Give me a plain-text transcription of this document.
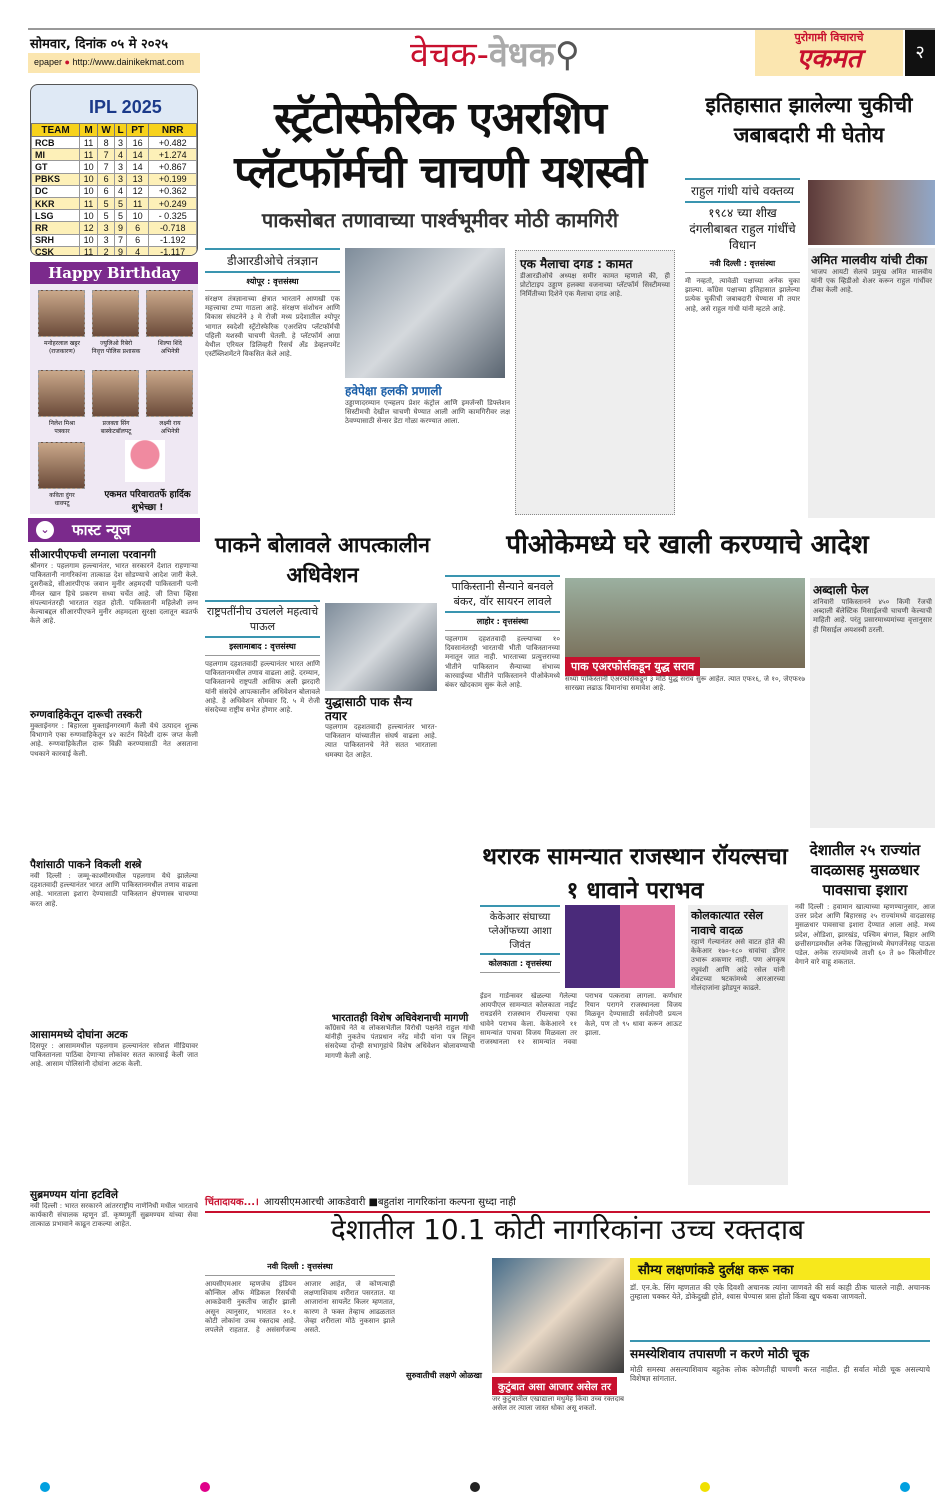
सोमवार, दिनांक ०५ मे २०२५
epaper ● http://www.dainikekmat.com	वेचक-वेधक⚲	पुरोगामी विचाराचे
एकमत	२
IPL 2025
TEAM	M	W	L	PT	NRR
RCB	11	8	3	16	+0.482
MI	11	7	4	14	+1.274
GT	10	7	3	14	+0.867
PBKS	10	6	3	13	+0.199
DC	10	6	4	12	+0.362
KKR	11	5	5	11	+0.249
LSG	10	5	5	10	- 0.325
RR	12	3	9	6	-0.718
SRH	10	3	7	6	-1.192
CSK	11	2	9	4	-1.117
Happy Birthday
मनोहरलाल खट्टर
(राजकारण)
ज्युलिओ रिबेरो
निवृत्त पोलिस प्रशासक
शिल्पा शिंदे
अभिनेत्री
निलेश मिश्रा
पत्रकार
प्रजक्ता सिंग
बास्केटबॉलपटू
लक्ष्मी राय
अभिनेत्री
कविता दुंगर
धावपटू
एकमत परिवारातर्फे हार्दिक शुभेच्छा !
⌄ फास्ट न्यूज
सीआरपीएफची लग्नाला परवानगी
श्रीनगर : पहलगाम हल्ल्यानंतर, भारत सरकारने देशात राहणाऱ्या पाकिस्तानी नागरिकांना तात्काळ देश सोडण्याचे आदेश जारी केले. दुसरीकडे, सीआरपीएफ जवान मुनीर अहमदची पाकिस्तानी पत्नी मीनल खान हिचे प्रकरण सध्या चर्चेत आहे. जी तिचा व्हिसा संपल्यानंतरही भारतात राहत होती. पाकिस्तानी महिलेशी लग्न केल्याबद्दल सीआरपीएफने मुनीर अहमदला सुरक्षा दलातून बडतर्फ केले आहे.
रुग्णवाहिकेतून दारूची तस्करी
मुक्ताईनगर : बिहारला मुक्ताईनगरमार्गे केली येथे उत्पादन शुल्क विभागाने एका रुग्णवाहिकेतून ४२ कार्टन विदेशी दारू जप्त केली आहे. रुग्णवाहिकेतील दारू विक्री करण्यासाठी नेत असताना पथकाने कारवाई केली.
पैशांसाठी पाकने विकली शस्त्रे
नवी दिल्ली : जम्मू-काश्मीरमधील पहलगाम येथे झालेल्या दहशतवादी हल्ल्यानंतर भारत आणि पाकिस्तानमधील तणाव वाढला आहे. भारताला इशारा देण्यासाठी पाकिस्तान क्षेपणास्त्र चाचण्या करत आहे.
आसाममध्ये दोघांना अटक
दिसपूर : आसाममधील पहलगाम हल्ल्यानंतर सोशल मीडियावर पाकिस्तानला पाठिंबा देणाऱ्या लोकांवर सतत कारवाई केली जात आहे. आसाम पोलिसांनी दोघांना अटक केली.
सुब्रमण्यम यांना हटविले
नवी दिल्ली : भारत सरकारने आंतरराष्ट्रीय नाणेनिधी मधील भारताचे कार्यकारी संचालक म्हणून डॉ. कृष्णमूर्ती सुब्रमण्यम यांच्या सेवा तात्काळ प्रभावाने काढून टाकल्या आहेत.
स्ट्रॅटोस्फेरिक एअरशिप प्लॅटफॉर्मची चाचणी यशस्वी
पाकसोबत तणावाच्या पार्श्वभूमीवर मोठी कामगिरी
डीआरडीओचे तंत्रज्ञान
श्योपूर : वृत्तसंस्था
संरक्षण तंत्रज्ञानाच्या क्षेत्रात भारताने आणखी एक महत्त्वाचा टप्पा गाठला आहे. संरक्षण संशोधन आणि विकास संघटनेने ३ मे रोजी मध्य प्रदेशातील श्योपूर भागात स्वदेशी स्ट्रॅटोस्फेरिक एअरशिप प्लॅटफॉर्मची पहिली यशस्वी चाचणी घेतली. हे प्लॅटफॉर्म आग्रा येथील एरियल डिलिव्हरी रिसर्च अँड डेव्हलपमेंट एस्टॅब्लिशमेंटने विकसित केले आहे.
हवेपेक्षा हलकी प्रणाली
उड्डाणादरम्यान एन्व्हलप प्रेशर कंट्रोल आणि इमर्जन्सी डिफ्लेशन सिस्टीमची देखील चाचणी घेण्यात आली आणि कामगिरीवर लक्ष ठेवण्यासाठी सेन्सर डेटा गोळा करण्यात आला.
एक मैलाचा दगड : कामत
डीआरडीओचे अध्यक्ष समीर कामत म्हणाले की, ही प्रोटोटाइप उड्डाण हलक्या वजनाच्या प्लॅटफॉर्म सिस्टीमच्या निर्मितीच्या दिशेने एक मैलाचा दगड आहे.
इतिहासात झालेल्या चुकीची जबाबदारी मी घेतोय
राहुल गांधी यांचे वक्तव्य
१९८४ च्या शीख दंगलीबाबत राहुल गांधींचे विधान
नवी दिल्ली : वृत्तसंस्था
मी नव्हतो, त्यावेळी पक्षाच्या अनेक चुका झाल्या. काँग्रेस पक्षाच्या इतिहासात झालेल्या प्रत्येक चुकीची जबाबदारी घेण्यास मी तयार आहे, असे राहुल गांधी यांनी म्हटले आहे.
अमित मालवीय यांची टीका
भाजप आयटी सेलचे प्रमुख अमित मालवीय यांनी एक व्हिडीओ शेअर करून राहुल गांधींवर टीका केली आहे.
पाकने बोलावले आपत्कालीन अधिवेशन
राष्ट्रपतींनीच उचलले महत्वाचे पाऊल
इस्लामाबाद : वृत्तसंस्था
पहलगाम दहशतवादी हल्ल्यानंतर भारत आणि पाकिस्तानमधील तणाव वाढला आहे. दरम्यान, पाकिस्तानचे राष्ट्रपती आसिफ अली झरदारी यांनी संसदेचे आपत्कालीन अधिवेशन बोलावले आहे. हे अधिवेशन सोमवार दि. ५ मे रोजी संसदेच्या राष्ट्रीय सभेत होणार आहे.
युद्धासाठी पाक सैन्य तयार
पहलगाम दहशतवादी हल्ल्यानंतर भारत-पाकिस्तान यांच्यातील संघर्ष वाढला आहे. त्यात पाकिस्तानचे नेते सतत भारताला धमक्या देत आहेत.
भारतातही विशेष अधिवेशनाची मागणी
काँग्रेसचे नेते व लोकसभेतील विरोधी पक्षनेते राहुल गांधी यांनीही नुकतेच पंतप्रधान नरेंद्र मोदी यांना पत्र लिहून संसदेच्या दोन्ही सभागृहांचे विशेष अधिवेशन बोलावण्याची मागणी केली आहे.
पीओकेमध्ये घरे खाली करण्याचे आदेश
पाकिस्तानी सैन्याने बनवले बंकर, वॉर सायरन लावले
लाहोर : वृत्तसंस्था
पहलगाम दहशतवादी हल्ल्याच्या १० दिवसानंतरही भारताची भीती पाकिस्तानच्या मनातून जात नाही. भारताच्या प्रत्युत्तराच्या भीतीने पाकिस्तान सैन्याच्या संभाव्य कारवाईच्या भीतीने पाकिस्तानने पीओकेमध्ये बंकर खोदकाम सुरू केले आहे.
पाक एअरफोर्सकडून युद्ध सराव
सध्या पाकिस्तानी एअरफोर्सकडून ३ मोठे युद्ध सराव सुरू आहेत. त्यात एफ१६, जे १०, जेएफ१७ सारख्या लढाऊ विमानांचा समावेश आहे.
अब्दाली फेल
शनिवारी पाकिस्तानने ४५० किमी रेंजची अब्दाली बॅलेस्टिक मिसाईलची चाचणी केल्याची माहिती आहे. परंतु प्रसारमाध्यमांच्या वृत्तानुसार ही मिसाईल अयशस्वी ठरली.
थरारक सामन्यात राजस्थान रॉयल्सचा १ धावाने पराभव
केकेआर संघाच्या प्लेऑफच्या आशा जिवंत
कोलकाता : वृत्तसंस्था
ईडन गार्डन्सवर खेळल्या गेलेल्या आयपीएल सामन्यात कोलकाता नाईट रायडर्सने राजस्थान रॉयल्सचा एका धावेने पराभव केला. केकेआरने ११ सामन्यांत पाचवा विजय मिळवला तर राजस्थानला १२ सामन्यांत नववा पराभव पत्करावा लागला. कर्णधार रियान परागने राजस्थानला विजय मिळवून देण्यासाठी सर्वतोपरी प्रयत्न केले, पण तो ९५ धावा करून आऊट झाला.
कोलकात्यात रसेल नावाचे वादळ
रहाणे गेल्यानंतर असे वाटत होते की केकेआर १७०-१८० धावांचा डोंगर उभारू शकणार नाही. पण अंगकृष रघुवंशी आणि आंद्रे रसेल यांनी शेवटच्या षटकांमध्ये आरआरच्या गोलंदाजांना झोडपून काढले.
देशातील २५ राज्यांत वादळासह मुसळधार पावसाचा इशारा
नवी दिल्ली : हवामान खात्याच्या म्हणण्यानुसार, आज उत्तर प्रदेश आणि बिहारसह २५ राज्यांमध्ये वादळासह मुसळधार पावसाचा इशारा देण्यात आला आहे. मध्य प्रदेश, ओडिशा, झारखंड, पश्चिम बंगाल, बिहार आणि छत्तीसगडमधील अनेक जिल्ह्यांमध्ये मेघगर्जनेसह पाऊस पडेल. अनेक राज्यांमध्ये ताशी ६० ते ७० किलोमीटर वेगाने वारे वाहू शकतात.
चिंतादायक...। आयसीएमआरची आकडेवारी ■बहुतांश नागरिकांना कल्पना सुध्दा नाही
देशातील 10.1 कोटी नागरिकांना उच्च रक्तदाब
नवी दिल्ली : वृत्तसंस्था
आयसीएमआर म्हणजेच इंडियन कौन्सिल ऑफ मेडिकल रिसर्चची आकडेवारी नुकतीच जाहीर झाली असून त्यानुसार, भारतात १०.१ कोटी लोकांना उच्च रक्तदाब आहे. लपलेले राहतात. हे असंसर्गजन्य आजार आहेत, जे कोणत्याही लक्षणाशिवाय शरीरात पसरतात. या आजारांना सायलेंट किलर म्हणतात, कारण ते फक्त तेव्हाच आढळतात जेव्हा शरीराला मोठे नुकसान झाले असते.
सुरुवातीची लक्षणे ओळखा
कुटुंबात असा आजार असेल तर
जर कुटुंबातील एखाद्याला मधुमेह किंवा उच्च रक्तदाब असेल तर त्याला जास्त धोका असू शकतो.
सौम्य लक्षणांकडे दुर्लक्ष करू नका
डॉ. एन.के. सिंग म्हणतात की एके दिवशी अचानक त्यांना जाणवते की सर्व काही ठीक चालले नाही. अचानक तुम्हाला चक्कर येते, डोकेदुखी होते, श्वास घेण्यास त्रास होतो किंवा खूप थकवा जाणवतो.
समस्येशिवाय तपासणी न करणे मोठी चूक
मोठी समस्या असल्याशिवाय बहुतेक लोक कोणतीही चाचणी करत नाहीत. ही सर्वात मोठी चूक असल्याचे विशेषज्ञ सांगतात.
